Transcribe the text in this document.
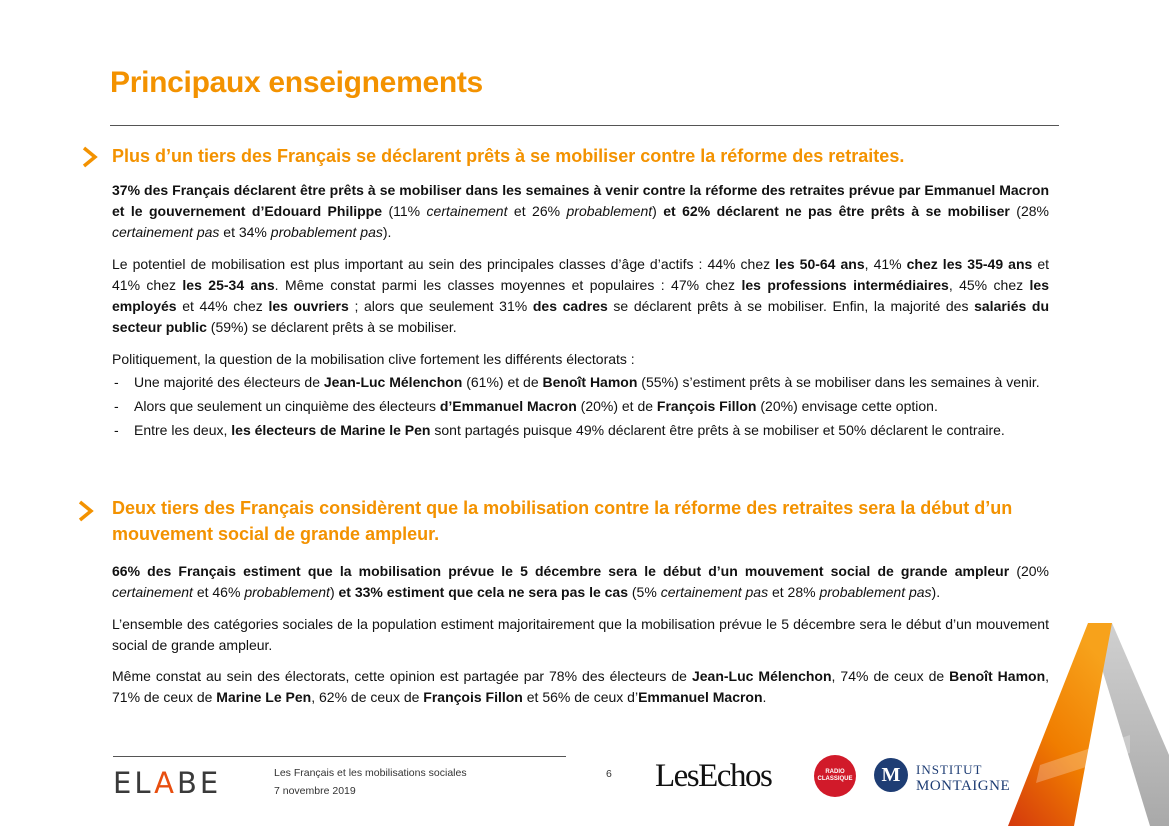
Principaux enseignements
Plus d’un tiers des Français se déclarent prêts à se mobiliser contre la réforme des retraites.
37% des Français déclarent être prêts à se mobiliser dans les semaines à venir contre la réforme des retraites prévue par Emmanuel Macron et le gouvernement d’Edouard Philippe (11% certainement et 26% probablement) et 62% déclarent ne pas être prêts à se mobiliser (28% certainement pas et 34% probablement pas).
Le potentiel de mobilisation est plus important au sein des principales classes d’âge d’actifs : 44% chez les 50-64 ans, 41% chez les 35-49 ans et 41% chez les 25-34 ans. Même constat parmi les classes moyennes et populaires : 47% chez les professions intermédiaires, 45% chez les employés et 44% chez les ouvriers ; alors que seulement 31% des cadres se déclarent prêts à se mobiliser. Enfin, la majorité des salariés du secteur public (59%) se déclarent prêts à se mobiliser.
Politiquement, la question de la mobilisation clive fortement les différents électorats :
- Une majorité des électeurs de Jean-Luc Mélenchon (61%) et de Benoît Hamon (55%) s’estiment prêts à se mobiliser dans les semaines à venir.
- Alors que seulement un cinquième des électeurs d’Emmanuel Macron (20%) et de François Fillon (20%) envisage cette option.
- Entre les deux, les électeurs de Marine le Pen sont partagés puisque 49% déclarent être prêts à se mobiliser et 50% déclarent le contraire.
Deux tiers des Français considèrent que la mobilisation contre la réforme des retraites sera la début d’un mouvement social de grande ampleur.
66% des Français estiment que la mobilisation prévue le 5 décembre sera le début d’un mouvement social de grande ampleur (20% certainement et 46% probablement) et 33% estiment que cela ne sera pas le cas (5% certainement pas et 28% probablement pas).
L’ensemble des catégories sociales de la population estiment majoritairement que la mobilisation prévue le 5 décembre sera le début d’un mouvement social de grande ampleur.
Même constat au sein des électorats, cette opinion est partagée par 78% des électeurs de Jean-Luc Mélenchon, 74% de ceux de Benoît Hamon, 71% de ceux de Marine Le Pen, 62% de ceux de François Fillon et 56% de ceux d’Emmanuel Macron.
ELABE	Les Français et les mobilisations sociales
7 novembre 2019
6 LesEchos	RADIO
CLASSIQUE	M	INSTITUT
MONTAIGNE
